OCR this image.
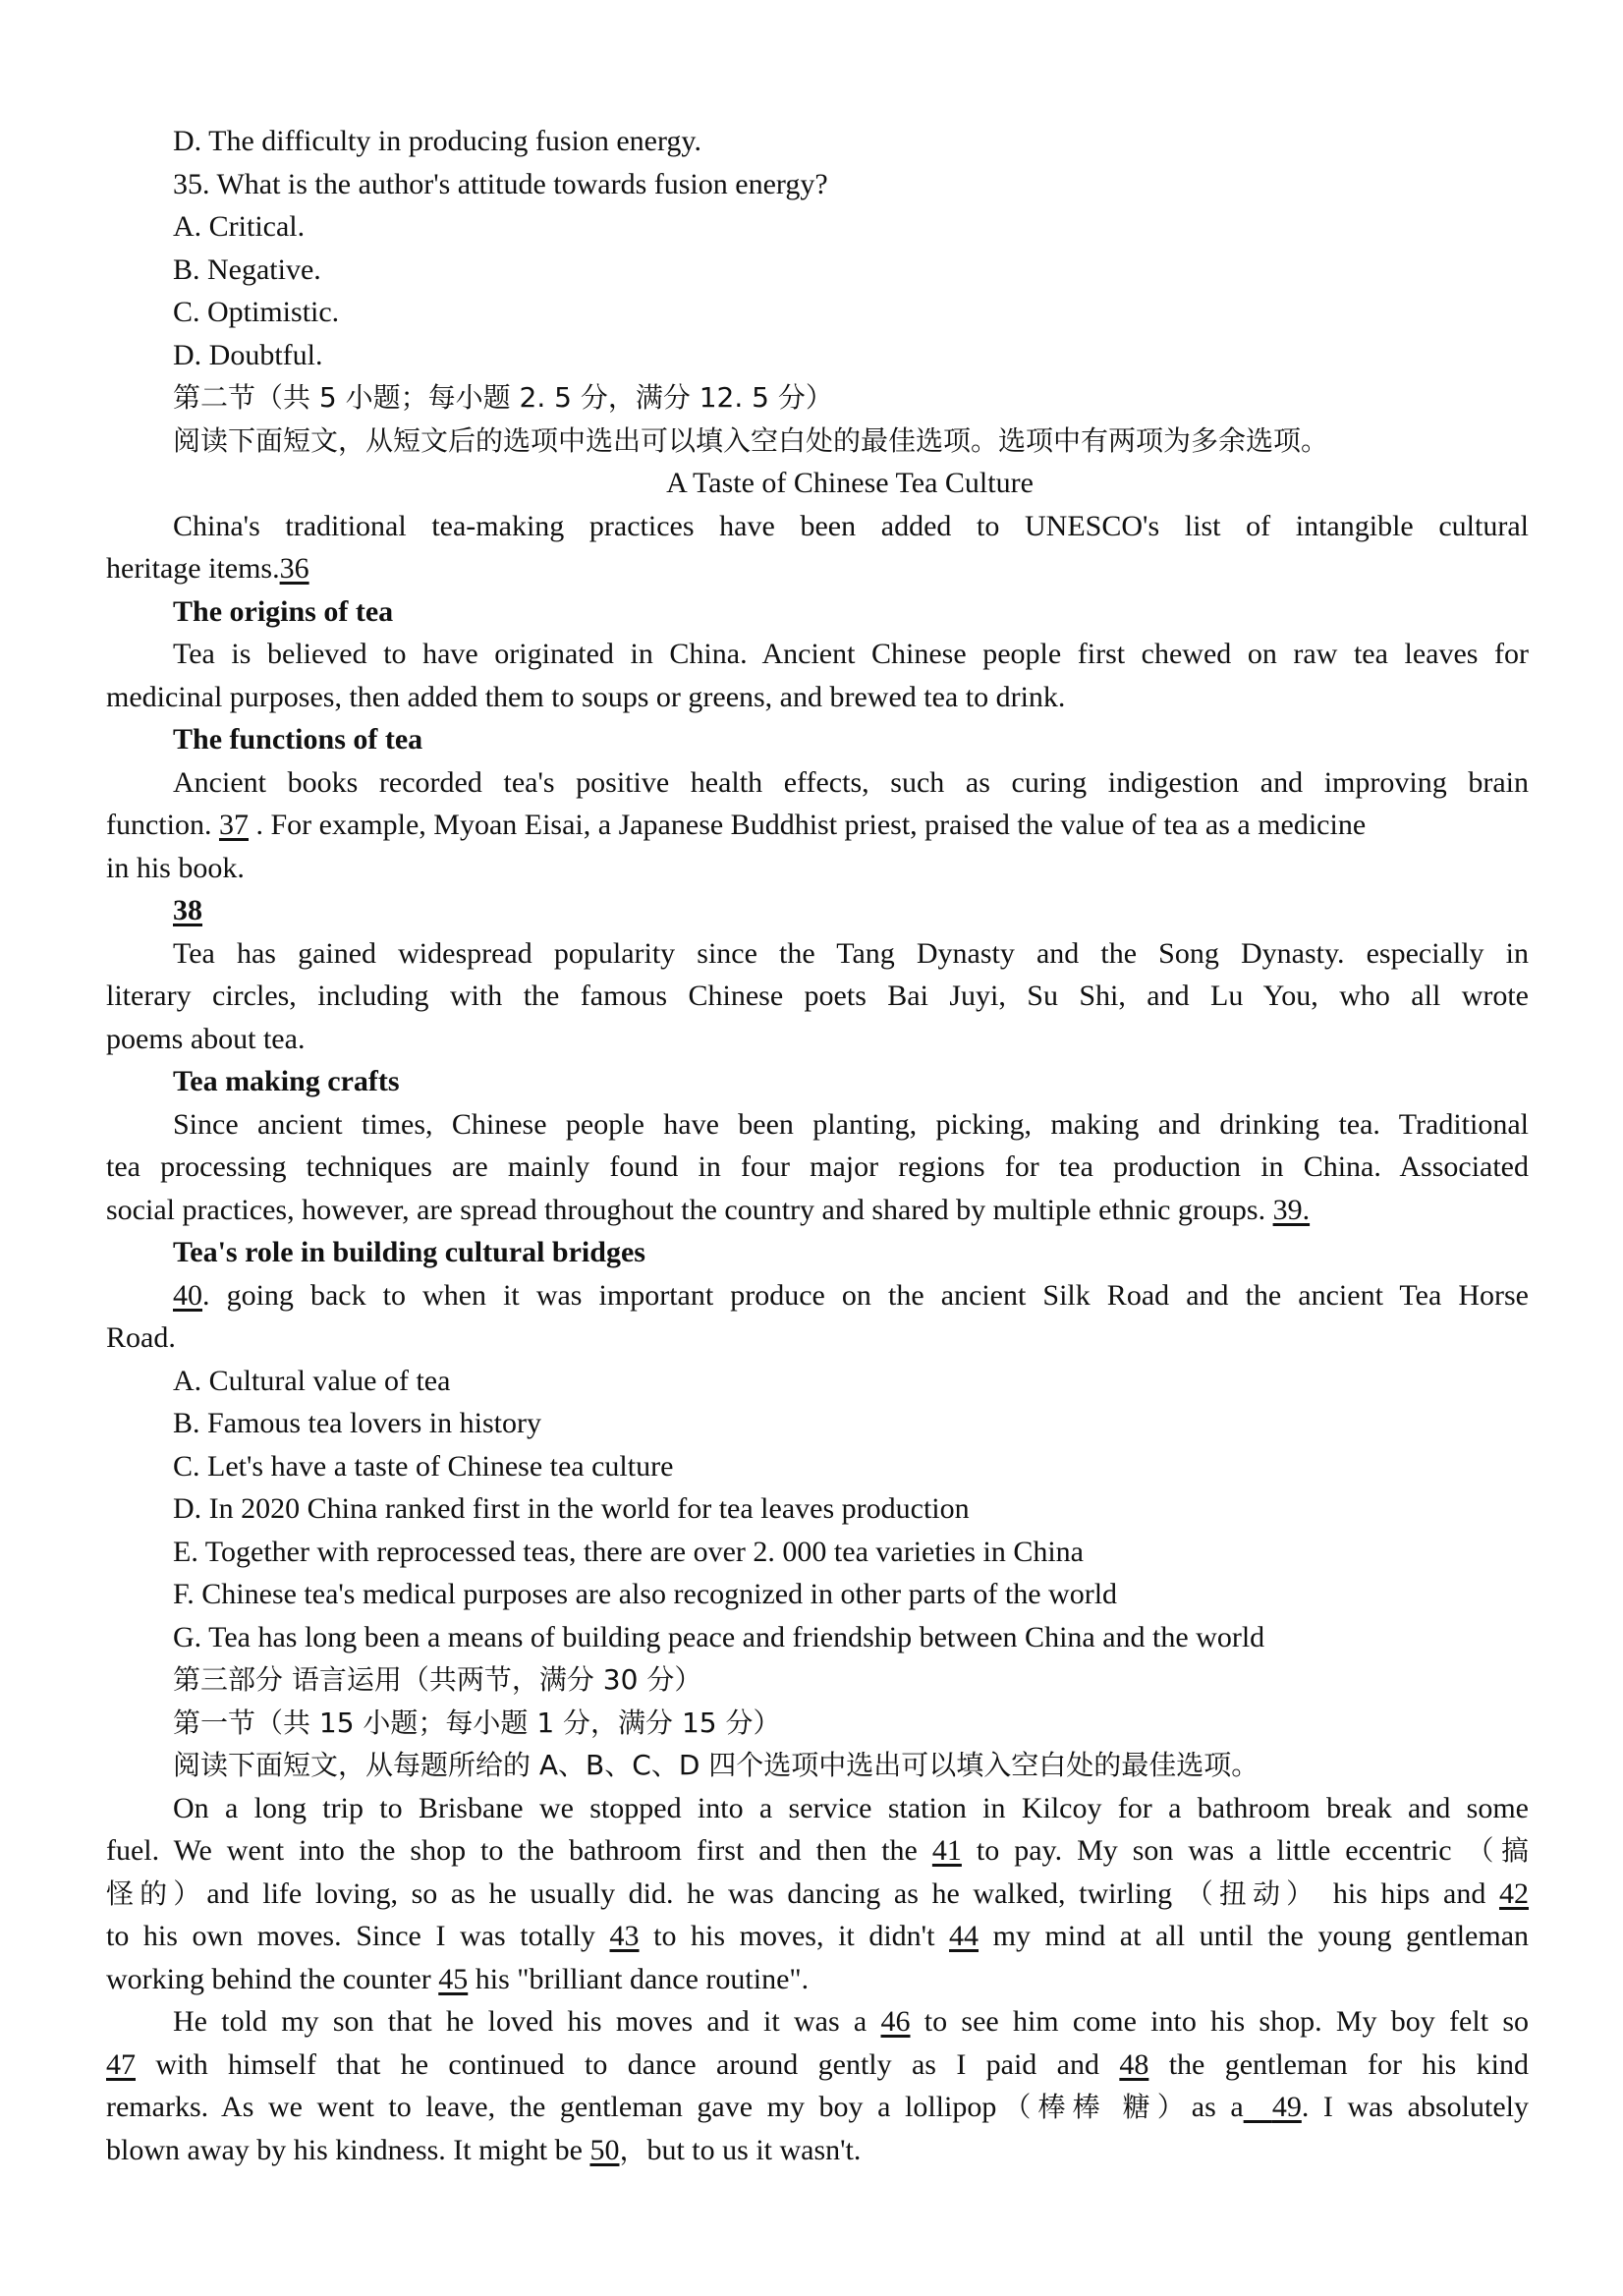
D. The difficulty in producing fusion energy.
35. What is the author's attitude towards fusion energy?
A. Critical.
B. Negative.
C. Optimistic.
D. Doubtful.
第二节（共 5 小题；每小题 2. 5 分，满分 12. 5 分）
阅读下面短文，从短文后的选项中选出可以填入空白处的最佳选项。选项中有两项为多余选项。
A Taste of Chinese Tea Culture
China's traditional tea-making practices have been added to UNESCO's list of intangible cultural
heritage items.36
The origins of tea
Tea is believed to have originated in China. Ancient Chinese people first chewed on raw tea leaves for
medicinal purposes, then added them to soups or greens, and brewed tea to drink.
The functions of tea
Ancient books recorded tea's positive health effects, such as curing indigestion and improving brain
function. 37 . For example, Myoan Eisai, a Japanese Buddhist priest, praised the value of tea as a medicine
in his book.
38
Tea has gained widespread popularity since the Tang Dynasty and the Song Dynasty. especially in
literary circles, including with the famous Chinese poets Bai Juyi, Su Shi, and Lu You, who all wrote
poems about tea.
Tea making crafts
Since ancient times, Chinese people have been planting, picking, making and drinking tea. Traditional
tea processing techniques are mainly found in four major regions for tea production in China. Associated
social practices, however, are spread throughout the country and shared by multiple ethnic groups. 39.
Tea's role in building cultural bridges
40. going back to when it was important produce on the ancient Silk Road and the ancient Tea Horse
Road.
A. Cultural value of tea
B. Famous tea lovers in history
C. Let's have a taste of Chinese tea culture
D. In 2020 China ranked first in the world for tea leaves production
E. Together with reprocessed teas, there are over 2. 000 tea varieties in China
F. Chinese tea's medical purposes are also recognized in other parts of the world
G. Tea has long been a means of building peace and friendship between China and the world
第三部分 语言运用（共两节，满分 30 分）
第一节（共 15 小题；每小题 1 分，满分 15 分）
阅读下面短文，从每题所给的 A、B、C、D 四个选项中选出可以填入空白处的最佳选项。
On a long trip to Brisbane we stopped into a service station in Kilcoy for a bathroom break and some
fuel. We went into the shop to the bathroom first and then the 41 to pay. My son was a little eccentric （搞
怪的）and life loving, so as he usually did. he was dancing as he walked, twirling （扭动） his hips and 42
to his own moves. Since I was totally 43 to his moves, it didn't 44 my mind at all until the young gentleman
working behind the counter 45 his "brilliant dance routine".
He told my son that he loved his moves and it was a 46 to see him come into his shop. My boy felt so
47 with himself that he continued to dance around gently as I paid and 48 the gentleman for his kind
remarks. As we went to leave, the gentleman gave my boy a lollipop（棒棒 糖）as a 49. I was absolutely
blown away by his kindness. It might be 50，but to us it wasn't.
